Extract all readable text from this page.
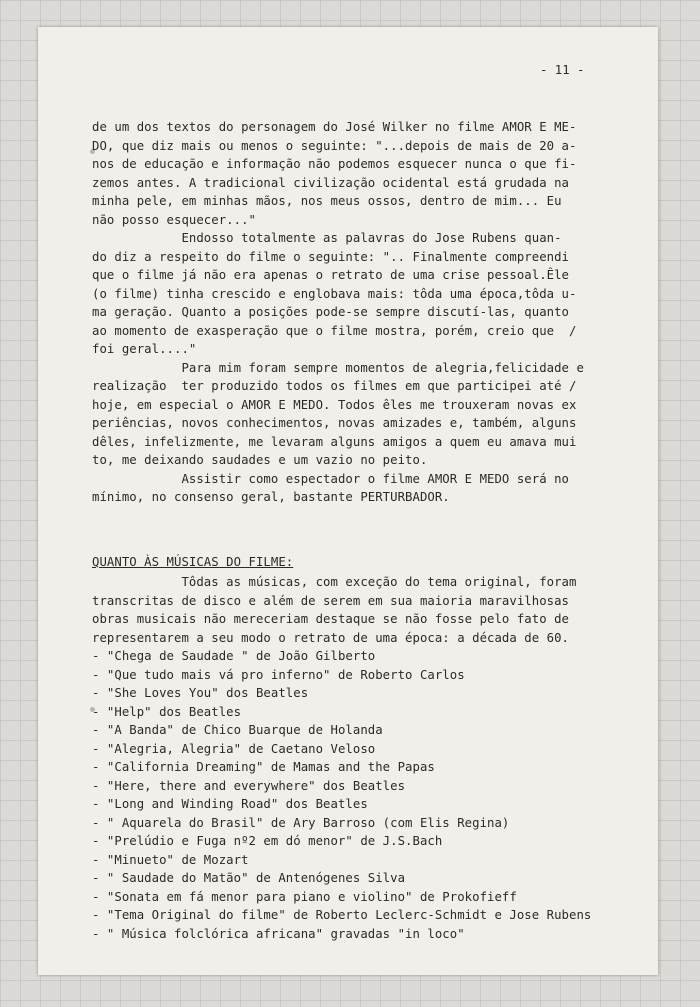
- 11 -
de um dos textos do personagem do José Wilker no filme AMOR E ME-
DO, que diz mais ou menos o seguinte: "...depois de mais de 20 a-
nos de educação e informação não podemos esquecer nunca o que fi-
zemos antes. A tradicional civilização ocidental está grudada na
minha pele, em minhas mãos, nos meus ossos, dentro de mim... Eu
não posso esquecer..."
Endosso totalmente as palavras do Jose Rubens quan-
do diz a respeito do filme o seguinte: ".. Finalmente compreendi
que o filme já não era apenas o retrato de uma crise pessoal.Êle
(o filme) tinha crescido e englobava mais: tôda uma época,tôda u-
ma geração. Quanto a posições pode-se sempre discutí-las, quanto
ao momento de exasperação que o filme mostra, porém, creio que  /
foi geral...."
Para mim foram sempre momentos de alegria,felicidade e
realização  ter produzido todos os filmes em que participei até /
hoje, em especial o AMOR E MEDO. Todos êles me trouxeram novas ex
periências, novos conhecimentos, novas amizades e, também, alguns
dêles, infelizmente, me levaram alguns amigos a quem eu amava mui
to, me deixando saudades e um vazio no peito.
Assistir como espectador o filme AMOR E MEDO será no
mínimo, no consenso geral, bastante PERTURBADOR.
QUANTO ÀS MÚSICAS DO FILME:
Tôdas as músicas, com exceção do tema original, foram
transcritas de disco e além de serem em sua maioria maravilhosas
obras musicais não mereceriam destaque se não fosse pelo fato de
representarem a seu modo o retrato de uma época: a década de 60.
- "Chega de Saudade " de João Gilberto
- "Que tudo mais vá pro inferno" de Roberto Carlos
- "She Loves You" dos Beatles
- "Help" dos Beatles
- "A Banda" de Chico Buarque de Holanda
- "Alegria, Alegria" de Caetano Veloso
- "California Dreaming" de Mamas and the Papas
- "Here, there and everywhere" dos Beatles
- "Long and Winding Road" dos Beatles
- " Aquarela do Brasil" de Ary Barroso (com Elis Regina)
- "Prelúdio e Fuga nº2 em dó menor" de J.S.Bach
- "Minueto" de Mozart
- " Saudade do Matão" de Antenógenes Silva
- "Sonata em fá menor para piano e violino" de Prokofieff
- "Tema Original do filme" de Roberto Leclerc-Schmidt e Jose Rubens
- " Música folclórica africana" gravadas "in loco"
